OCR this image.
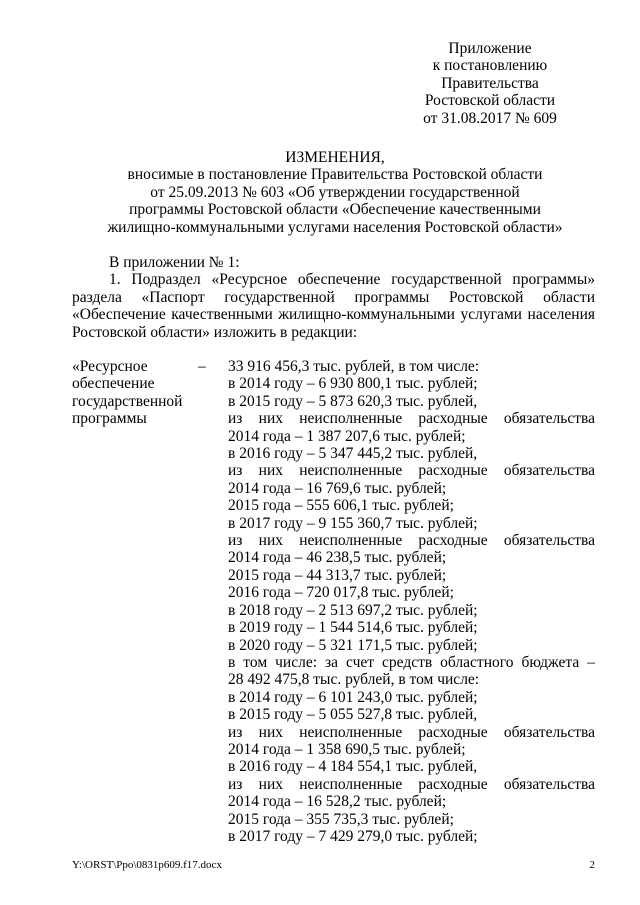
Приложение
к постановлению
Правительства
Ростовской области
от 31.08.2017 № 609
ИЗМЕНЕНИЯ,
вносимые в постановление Правительства Ростовской области
от 25.09.2013 № 603 «Об утверждении государственной
программы Ростовской области «Обеспечение качественными
жилищно-коммунальными услугами населения Ростовской области»
В приложении № 1:
1. Подраздел «Ресурсное обеспечение государственной программы»
раздела «Паспорт государственной программы Ростовской области
«Обеспечение качественными жилищно-коммунальными услугами населения
Ростовской области» изложить в редакции:
«Ресурсное
обеспечение
государственной
программы
– 33 916 456,3 тыс. рублей, в том числе:
в 2014 году – 6 930 800,1 тыс. рублей;
в 2015 году – 5 873 620,3 тыс. рублей,
из них неисполненные расходные обязательства
2014 года – 1 387 207,6 тыс. рублей;
в 2016 году – 5 347 445,2 тыс. рублей,
из них неисполненные расходные обязательства
2014 года – 16 769,6 тыс. рублей;
2015 года – 555 606,1 тыс. рублей;
в 2017 году – 9 155 360,7 тыс. рублей;
из них неисполненные расходные обязательства
2014 года – 46 238,5 тыс. рублей;
2015 года – 44 313,7 тыс. рублей;
2016 года – 720 017,8 тыс. рублей;
в 2018 году – 2 513 697,2 тыс. рублей;
в 2019 году – 1 544 514,6 тыс. рублей;
в 2020 году – 5 321 171,5 тыс. рублей;
в том числе: за счет средств областного бюджета –
28 492 475,8 тыс. рублей, в том числе:
в 2014 году – 6 101 243,0 тыс. рублей;
в 2015 году – 5 055 527,8 тыс. рублей,
из них неисполненные расходные обязательства
2014 года – 1 358 690,5 тыс. рублей;
в 2016 году – 4 184 554,1 тыс. рублей,
из них неисполненные расходные обязательства
2014 года – 16 528,2 тыс. рублей;
2015 года – 355 735,3 тыс. рублей;
в 2017 году – 7 429 279,0 тыс. рублей;
Y:\ORST\Ppo\0831p609.f17.docx	2
